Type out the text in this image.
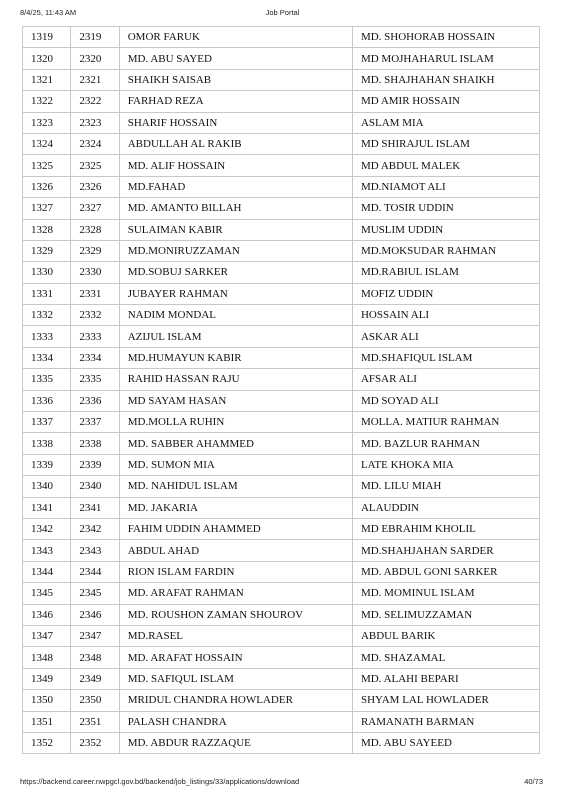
8/4/25, 11:43 AM	Job Portal
1319	2319	OMOR FARUK	MD. SHOHORAB HOSSAIN
1320	2320	MD. ABU SAYED	MD MOJHAHARUL ISLAM
1321	2321	SHAIKH SAISAB	MD. SHAJHAHAN SHAIKH
1322	2322	FARHAD REZA	MD AMIR HOSSAIN
1323	2323	SHARIF HOSSAIN	ASLAM MIA
1324	2324	ABDULLAH AL RAKIB	MD SHIRAJUL ISLAM
1325	2325	MD. ALIF HOSSAIN	MD ABDUL MALEK
1326	2326	MD.FAHAD	MD.NIAMOT ALI
1327	2327	MD. AMANTO BILLAH	MD. TOSIR UDDIN
1328	2328	SULAIMAN KABIR	MUSLIM UDDIN
1329	2329	MD.MONIRUZZAMAN	MD.MOKSUDAR RAHMAN
1330	2330	MD.SOBUJ SARKER	MD.RABIUL ISLAM
1331	2331	JUBAYER RAHMAN	MOFIZ UDDIN
1332	2332	NADIM MONDAL	HOSSAIN ALI
1333	2333	AZIJUL ISLAM	ASKAR ALI
1334	2334	MD.HUMAYUN KABIR	MD.SHAFIQUL ISLAM
1335	2335	RAHID HASSAN RAJU	AFSAR ALI
1336	2336	MD SAYAM HASAN	MD SOYAD ALI
1337	2337	MD.MOLLA RUHIN	MOLLA. MATIUR RAHMAN
1338	2338	MD. SABBER AHAMMED	MD. BAZLUR RAHMAN
1339	2339	MD. SUMON MIA	LATE KHOKA MIA
1340	2340	MD. NAHIDUL ISLAM	MD. LILU MIAH
1341	2341	MD. JAKARIA	ALAUDDIN
1342	2342	FAHIM UDDIN AHAMMED	MD EBRAHIM KHOLIL
1343	2343	ABDUL AHAD	MD.SHAHJAHAN SARDER
1344	2344	RION ISLAM FARDIN	MD. ABDUL GONI SARKER
1345	2345	MD. ARAFAT RAHMAN	MD. MOMINUL ISLAM
1346	2346	MD. ROUSHON ZAMAN SHOUROV	MD. SELIMUZZAMAN
1347	2347	MD.RASEL	ABDUL BARIK
1348	2348	MD. ARAFAT HOSSAIN	MD. SHAZAMAL
1349	2349	MD. SAFIQUL ISLAM	MD. ALAHI BEPARI
1350	2350	MRIDUL CHANDRA HOWLADER	SHYAM LAL HOWLADER
1351	2351	PALASH CHANDRA	RAMANATH BARMAN
1352	2352	MD. ABDUR RAZZAQUE	MD. ABU SAYEED
https://backend.career.nwpgcl.gov.bd/backend/job_listings/33/applications/download	40/73
